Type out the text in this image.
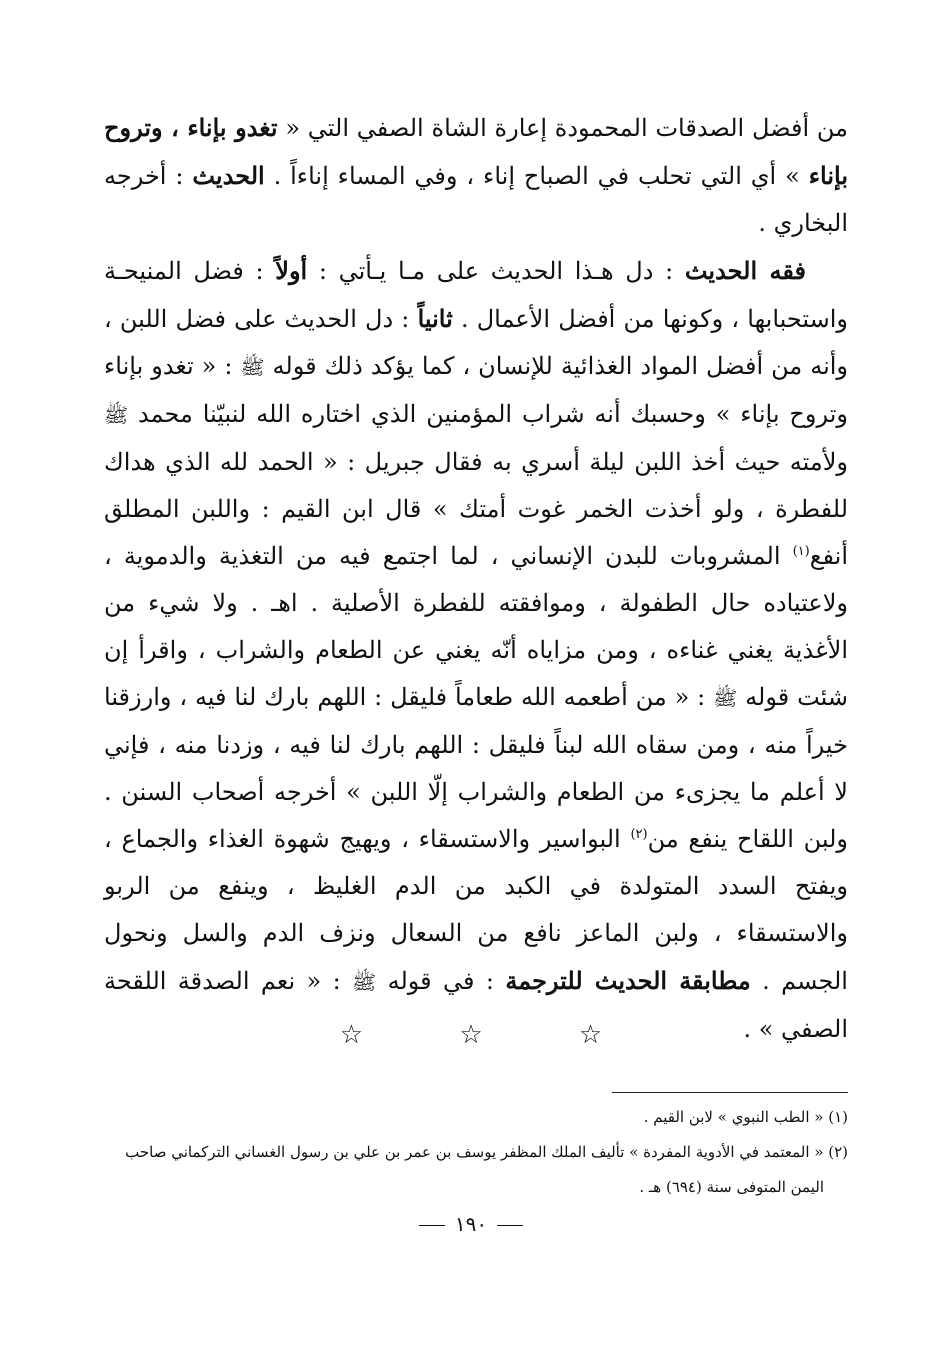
من أفضل الصدقات المحمودة إعارة الشاة الصفي التي « تغدو بإناء ، وتروح بإناء » أي التي تحلب في الصباح إناء ، وفي المساء إناءاً . الحديث : أخرجه البخاري .

فقه الحديث : دل هـذا الحديث على مـا يـأتي : أولاً : فضل المنيحـة واستحبابها ، وكونها من أفضل الأعمال . ثانياً : دل الحديث على فضل اللبن ، وأنه من أفضل المواد الغذائية للإنسان ، كما يؤكد ذلك قوله ﷺ : « تغدو بإناء وتروح بإناء » وحسبك أنه شراب المؤمنين الذي اختاره الله لنبيّنا محمد ﷺ ولأمته حيث أخذ اللبن ليلة أسري به فقال جبريل : « الحمد لله الذي هداك للفطرة ، ولو أخذت الخمر غوت أمتك » قال ابن القيم : واللبن المطلق أنفع$^{(١)}$ المشروبات للبدن الإنساني ، لما اجتمع فيه من التغذية والدموية ، ولاعتياده حال الطفولة ، وموافقته للفطرة الأصلية . اهـ . ولا شيء من الأغذية يغني غناءه ، ومن مزاياه أنّه يغني عن الطعام والشراب ، واقرأ إن شئت قوله ﷺ : « من أطعمه الله طعاماً فليقل : اللهم بارك لنا فيه ، وارزقنا خيراً منه ، ومن سقاه الله لبناً فليقل : اللهم بارك لنا فيه ، وزدنا منه ، فإني لا أعلم ما يجزىء من الطعام والشراب إلّا اللبن » أخرجه أصحاب السنن . ولبن اللقاح ينفع من$^{(٢)}$ البواسير والاستسقاء ، ويهيج شهوة الغذاء والجماع ، ويفتح السدد المتولدة في الكبد من الدم الغليظ ، وينفع من الربو والاستسقاء ، ولبن الماعز نافع من السعال ونزف الدم والسل ونحول الجسم . مطابقة الحديث للترجمة : في قوله ﷺ : « نعم الصدقة اللقحة الصفي » .

☆ ☆ ☆

(١) « الطب النبوي » لابن القيم .

(٢) « المعتمد في الأدوية المفردة » تأليف الملك المظفر يوسف بن عمر بن علي بن رسول الغساني التركماني صاحب
اليمن المتوفى سنة (٦٩٤) هـ .

١٩٠
